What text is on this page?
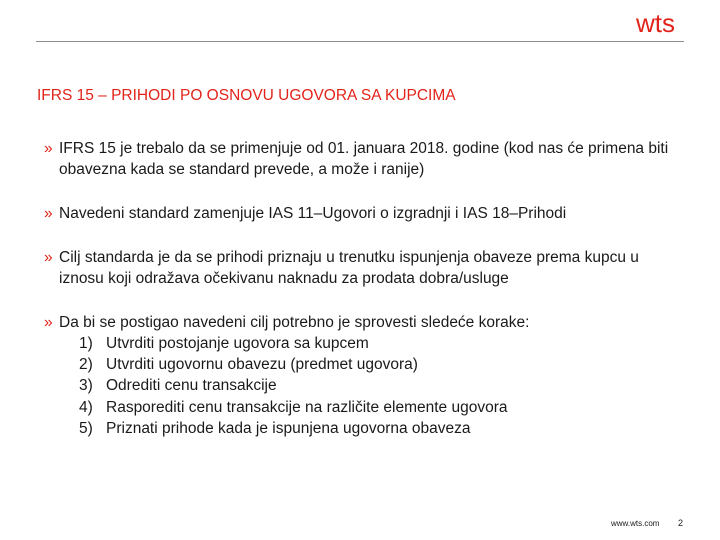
wts
IFRS 15 – PRIHODI PO OSNOVU UGOVORA SA KUPCIMA
» IFRS 15 je trebalo da se primenjuje od 01. januara 2018. godine (kod nas će primena biti obavezna kada se standard prevede, a može i ranije)
» Navedeni standard zamenjuje IAS 11–Ugovori o izgradnji i IAS 18–Prihodi
» Cilj standarda je da se prihodi priznaju u trenutku ispunjenja obaveze prema kupcu u iznosu koji odražava očekivanu naknadu za prodata dobra/usluge
» Da bi se postigao navedeni cilj potrebno je sprovesti sledeće korake:
1) Utvrditi postojanje ugovora sa kupcem
2) Utvrditi ugovornu obavezu (predmet ugovora)
3) Odrediti cenu transakcije
4) Rasporediti cenu transakcije na različite elemente ugovora
5) Priznati prihode kada je ispunjena ugovorna obaveza
www.wts.com 2
